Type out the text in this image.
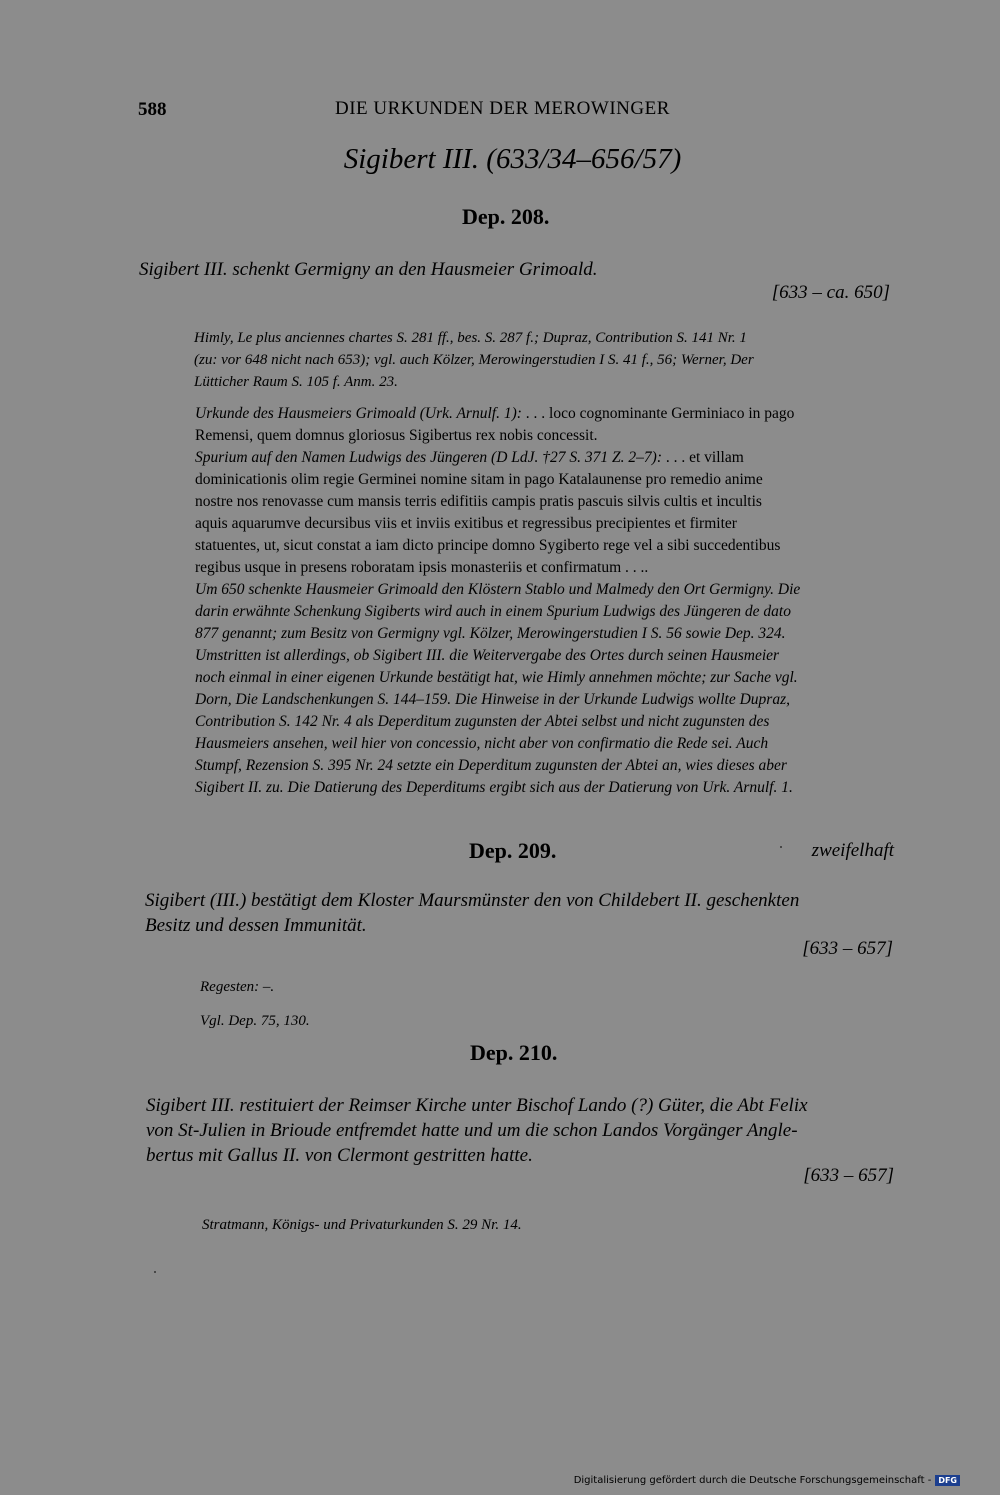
588	DIE URKUNDEN DER MEROWINGER
Sigibert III. (633/34–656/57)
Dep. 208.
Sigibert III. schenkt Germigny an den Hausmeier Grimoald.
[633 – ca. 650]
Himly, Le plus anciennes chartes S. 281 ff., bes. S. 287 f.; Dupraz, Contribution S. 141 Nr. 1
(zu: vor 648 nicht nach 653); vgl. auch Kölzer, Merowingerstudien I S. 41 f., 56; Werner, Der
Lütticher Raum S. 105 f. Anm. 23.

Urkunde des Hausmeiers Grimoald (Urk. Arnulf. 1): . . . loco cognominante Germiniaco in pago

Remensi, quem domnus gloriosus Sigibertus rex nobis concessit.

Spurium auf den Namen Ludwigs des Jüngeren (D LdJ. †27 S. 371 Z. 2–7): . . . et villam

dominicationis olim regie Germinei nomine sitam in pago Katalaunense pro remedio anime

nostre nos renovasse cum mansis terris edifitiis campis pratis pascuis silvis cultis et incultis

aquis aquarumve decursibus viis et inviis exitibus et regressibus precipientes et firmiter

statuentes, ut, sicut constat a iam dicto principe domno Sygiberto rege vel a sibi succedentibus

regibus usque in presens roboratam ipsis monasteriis et confirmatum . . ..

Um 650 schenkte Hausmeier Grimoald den Klöstern Stablo und Malmedy den Ort Germigny. Die

darin erwähnte Schenkung Sigiberts wird auch in einem Spurium Ludwigs des Jüngeren de dato

877 genannt; zum Besitz von Germigny vgl. Kölzer, Merowingerstudien I S. 56 sowie Dep. 324.

Umstritten ist allerdings, ob Sigibert III. die Weitervergabe des Ortes durch seinen Hausmeier

noch einmal in einer eigenen Urkunde bestätigt hat, wie Himly annehmen möchte; zur Sache vgl.

Dorn, Die Landschenkungen S. 144–159. Die Hinweise in der Urkunde Ludwigs wollte Dupraz,

Contribution S. 142 Nr. 4 als Deperditum zugunsten der Abtei selbst und nicht zugunsten des

Hausmeiers ansehen, weil hier von concessio, nicht aber von confirmatio die Rede sei. Auch

Stumpf, Rezension S. 395 Nr. 24 setzte ein Deperditum zugunsten der Abtei an, wies dieses aber

Sigibert II. zu. Die Datierung des Deperditums ergibt sich aus der Datierung von Urk. Arnulf. 1.

Dep. 209.	zweifelhaft
Sigibert (III.) bestätigt dem Kloster Maursmünster den von Childebert II. geschenkten
Besitz und dessen Immunität.
[633 – 657]
Regesten: –.
Vgl. Dep. 75, 130.
Dep. 210.
Sigibert III. restituiert der Reimser Kirche unter Bischof Lando (?) Güter, die Abt Felix
von St-Julien in Brioude entfremdet hatte und um die schon Landos Vorgänger Angle-
bertus mit Gallus II. von Clermont gestritten hatte.
[633 – 657]
Stratmann, Königs- und Privaturkunden S. 29 Nr. 14.
Digitalisierung gefördert durch die Deutsche Forschungsgemeinschaft - DFG
